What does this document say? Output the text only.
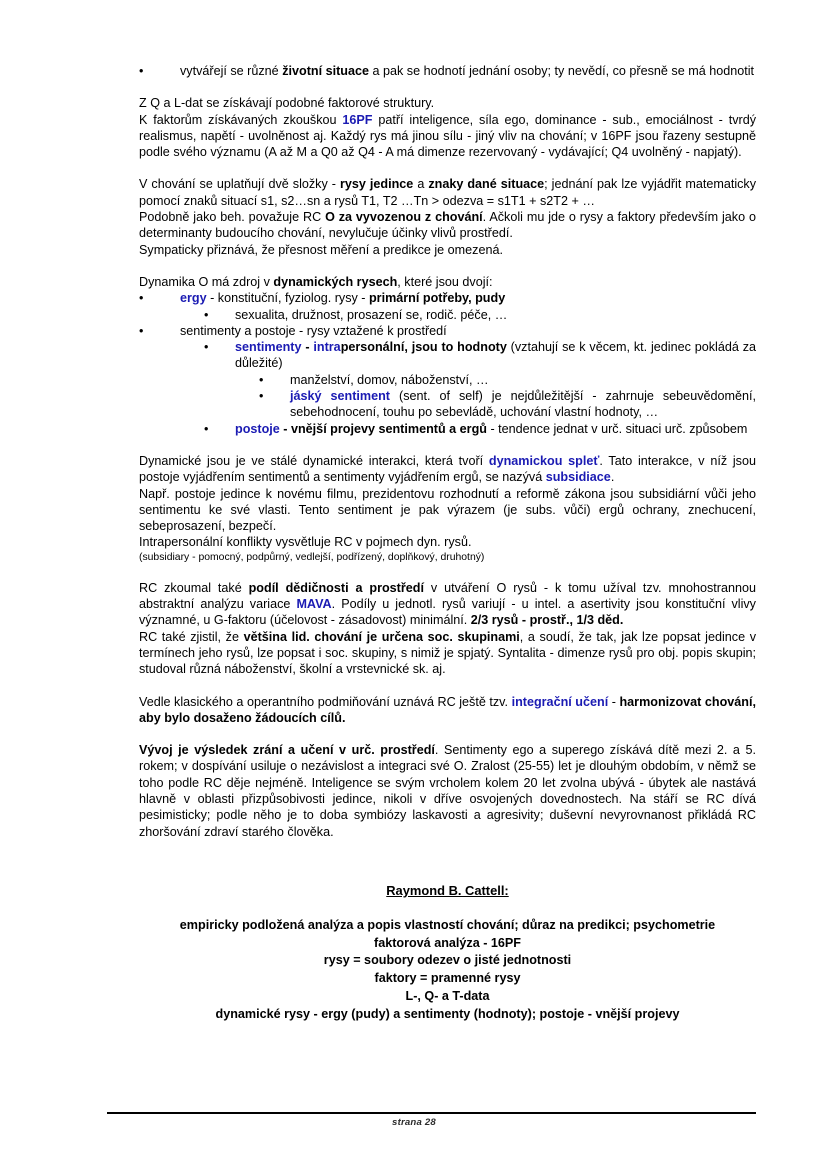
•	vytvářejí se různé životní situace a pak se hodnotí jednání osoby; ty nevědí, co přesně se má hodnotit
Z Q a L-dat se získávají podobné faktorové struktury.
K faktorům získávaných zkouškou 16PF patří inteligence, síla ego, dominance - sub., emociálnost - tvrdý realismus, napětí - uvolněnost aj. Každý rys má jinou sílu - jiný vliv na chování; v 16PF jsou řazeny sestupně podle svého významu (A až M a Q0 až Q4 - A má dimenze rezervovaný - vydávající; Q4 uvolněný - napjatý).
V chování se uplatňují dvě složky - rysy jedince a znaky dané situace; jednání pak lze vyjádřit matematicky pomocí znaků situací s1, s2…sn a rysů T1, T2 …Tn > odezva = s1T1 + s2T2 + …
Podobně jako beh. považuje RC O za vyvozenou z chování. Ačkoli mu jde o rysy a faktory především jako o determinanty budoucího chování, nevylučuje účinky vlivů prostředí.
Sympaticky přiznává, že přesnost měření a predikce je omezená.
Dynamika O má zdroj v dynamických rysech, které jsou dvojí:
•	ergy - konstituční, fyziolog. rysy - primární potřeby, pudy
•	sexualita, družnost, prosazení se, rodič. péče, …
•	sentimenty a postoje - rysy vztažené k prostředí
•	sentimenty - intrapersonální, jsou to hodnoty (vztahují se k věcem, kt. jedinec pokládá za důležité)
•	manželství, domov, náboženství, …
•	jáský sentiment (sent. of self) je nejdůležitější - zahrnuje sebeuvědomění, sebehodnocení, touhu po sebevládě, uchování vlastní hodnoty, …
•	postoje - vnější projevy sentimentů a ergů - tendence jednat v urč. situaci urč. způsobem
Dynamické jsou je ve stálé dynamické interakci, která tvoří dynamickou spleť. Tato interakce, v níž jsou postoje vyjádřením sentimentů a sentimenty vyjádřením ergů, se nazývá subsidiace.
Např. postoje jedince k novému filmu, prezidentovu rozhodnutí a reformě zákona jsou subsidiární vůči jeho sentimentu ke své vlasti. Tento sentiment je pak výrazem (je subs. vůči) ergů ochrany, znechucení, sebeprosazení, bezpečí.
Intrapersonální konflikty vysvětluje RC v pojmech dyn. rysů.
(subsidiary - pomocný, podpůrný, vedlejší, podřízený, doplňkový, druhotný)
RC zkoumal také podíl dědičnosti a prostředí v utváření O rysů - k tomu užíval tzv. mnohostrannou abstraktní analýzu variace MAVA. Podíly u jednotl. rysů variují - u intel. a asertivity jsou konstituční vlivy významné, u G-faktoru (účelovost - zásadovost) minimální. 2/3 rysů - prostř., 1/3 děd.
RC také zjistil, že většina lid. chování je určena soc. skupinami, a soudí, že tak, jak lze popsat jedince v termínech jeho rysů, lze popsat i soc. skupiny, s nimiž je spjatý. Syntalita - dimenze rysů pro obj. popis skupin; studoval různá náboženství, školní a vrstevnické sk. aj.
Vedle klasického a operantního podmiňování uznává RC ještě tzv. integrační učení - harmonizovat chování, aby bylo dosaženo žádoucích cílů.
Vývoj je výsledek zrání a učení v urč. prostředí. Sentimenty ego a superego získává dítě mezi 2. a 5. rokem; v dospívání usiluje o nezávislost a integraci své O. Zralost (25-55) let je dlouhým obdobím, v němž se toho podle RC děje nejméně. Inteligence se svým vrcholem kolem 20 let zvolna ubývá - úbytek ale nastává hlavně v oblasti přizpůsobivosti jedince, nikoli v dříve osvojených dovednostech. Na stáří se RC dívá pesimisticky; podle něho je to doba symbiózy laskavosti a agresivity; duševní nevyrovnanost přikládá RC zhoršování zdraví starého člověka.
Raymond B. Cattell:
empiricky podložená analýza a popis vlastností chování; důraz na predikci; psychometrie
faktorová analýza - 16PF
rysy = soubory odezev o jisté jednotnosti
faktory = pramenné rysy
L-, Q- a T-data
dynamické rysy - ergy (pudy) a sentimenty (hodnoty); postoje - vnější projevy
strana 28
